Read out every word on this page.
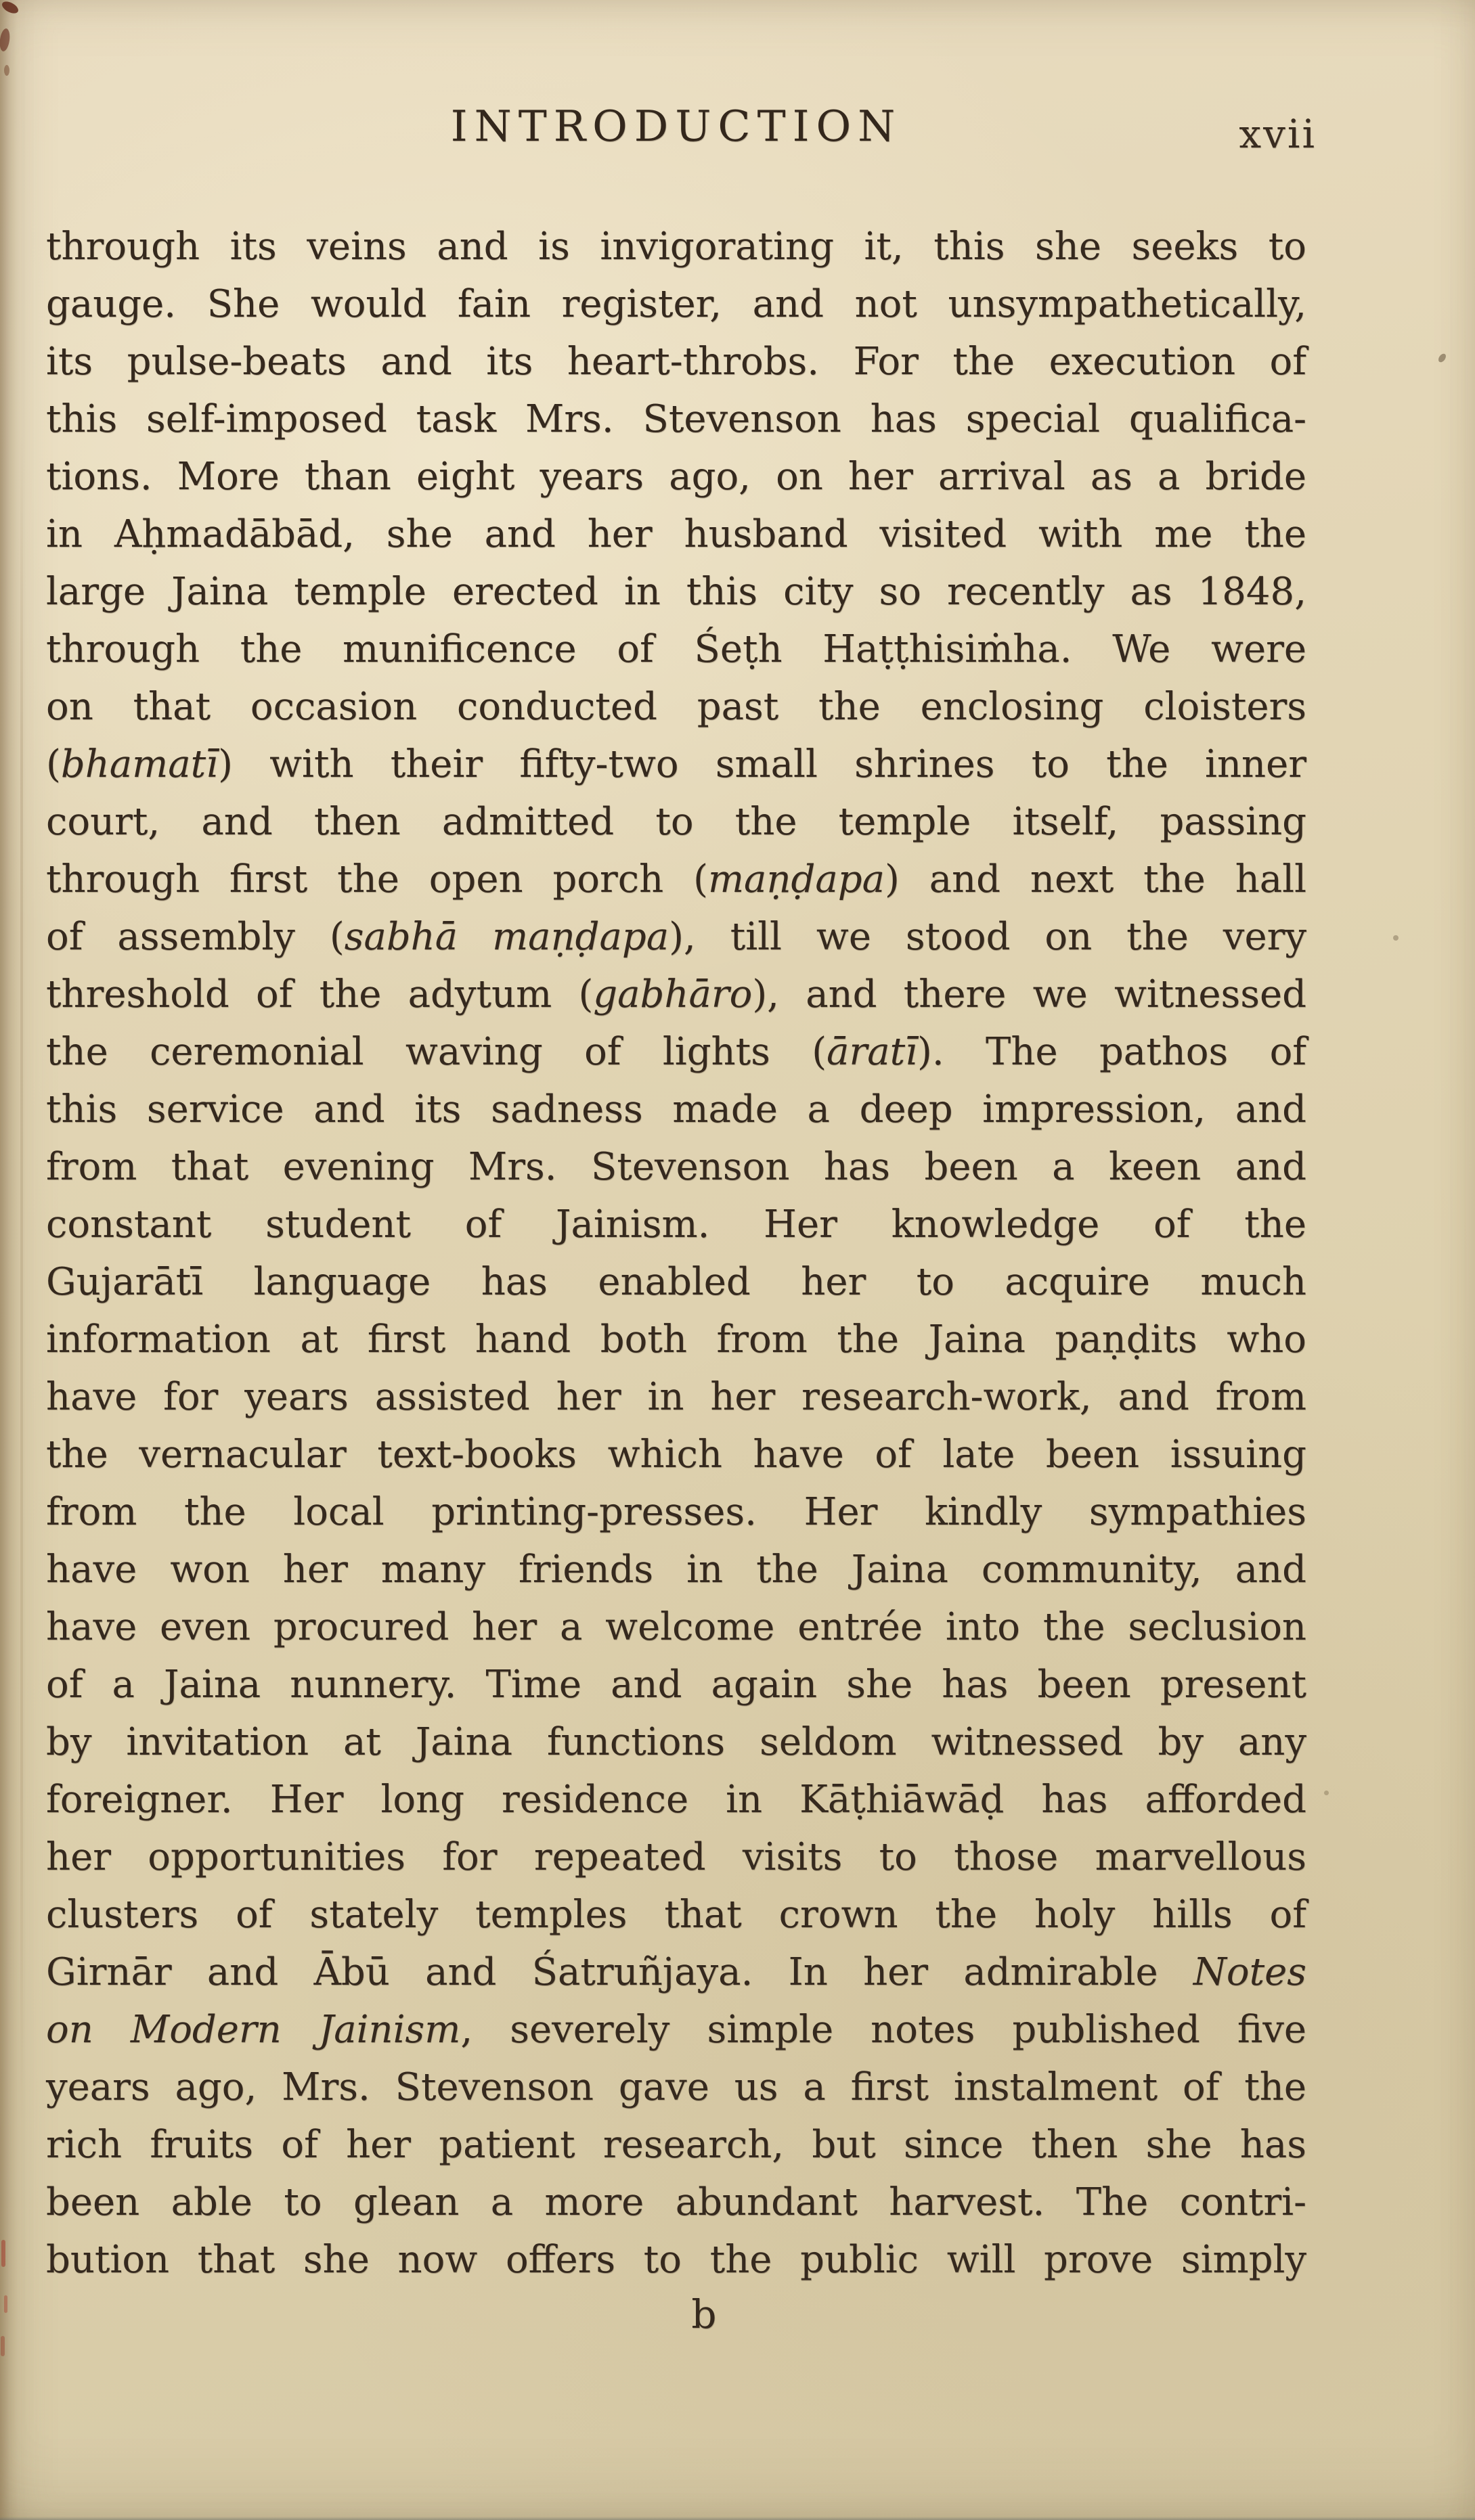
INTRODUCTION	xvii
through its veins and is invigorating it, this she seeks to
gauge. She would fain register, and not unsympathetically,
its pulse-beats and its heart-throbs. For the execution of
this self-imposed task Mrs. Stevenson has special qualifica-
tions. More than eight years ago, on her arrival as a bride
in Aḥmadābād, she and her husband visited with me the
large Jaina temple erected in this city so recently as 1848,
through the munificence of Śeṭh Haṭṭhisiṁha. We were
on that occasion conducted past the enclosing cloisters
(bhamatī) with their fifty-two small shrines to the inner
court, and then admitted to the temple itself, passing
through first the open porch (maṇḍapa) and next the hall
of assembly (sabhā maṇḍapa), till we stood on the very
threshold of the adytum (gabhāro), and there we witnessed
the ceremonial waving of lights (āratī). The pathos of
this service and its sadness made a deep impression, and
from that evening Mrs. Stevenson has been a keen and
constant student of Jainism. Her knowledge of the
Gujarātī language has enabled her to acquire much
information at first hand both from the Jaina paṇḍits who
have for years assisted her in her research-work, and from
the vernacular text-books which have of late been issuing
from the local printing-presses. Her kindly sympathies
have won her many friends in the Jaina community, and
have even procured her a welcome entrée into the seclusion
of a Jaina nunnery. Time and again she has been present
by invitation at Jaina functions seldom witnessed by any
foreigner. Her long residence in Kāṭhiāwāḍ has afforded
her opportunities for repeated visits to those marvellous
clusters of stately temples that crown the holy hills of
Girnār and Ābū and Śatruñjaya. In her admirable Notes
on Modern Jainism, severely simple notes published five
years ago, Mrs. Stevenson gave us a first instalment of the
rich fruits of her patient research, but since then she has
been able to glean a more abundant harvest. The contri-
bution that she now offers to the public will prove simply
b
